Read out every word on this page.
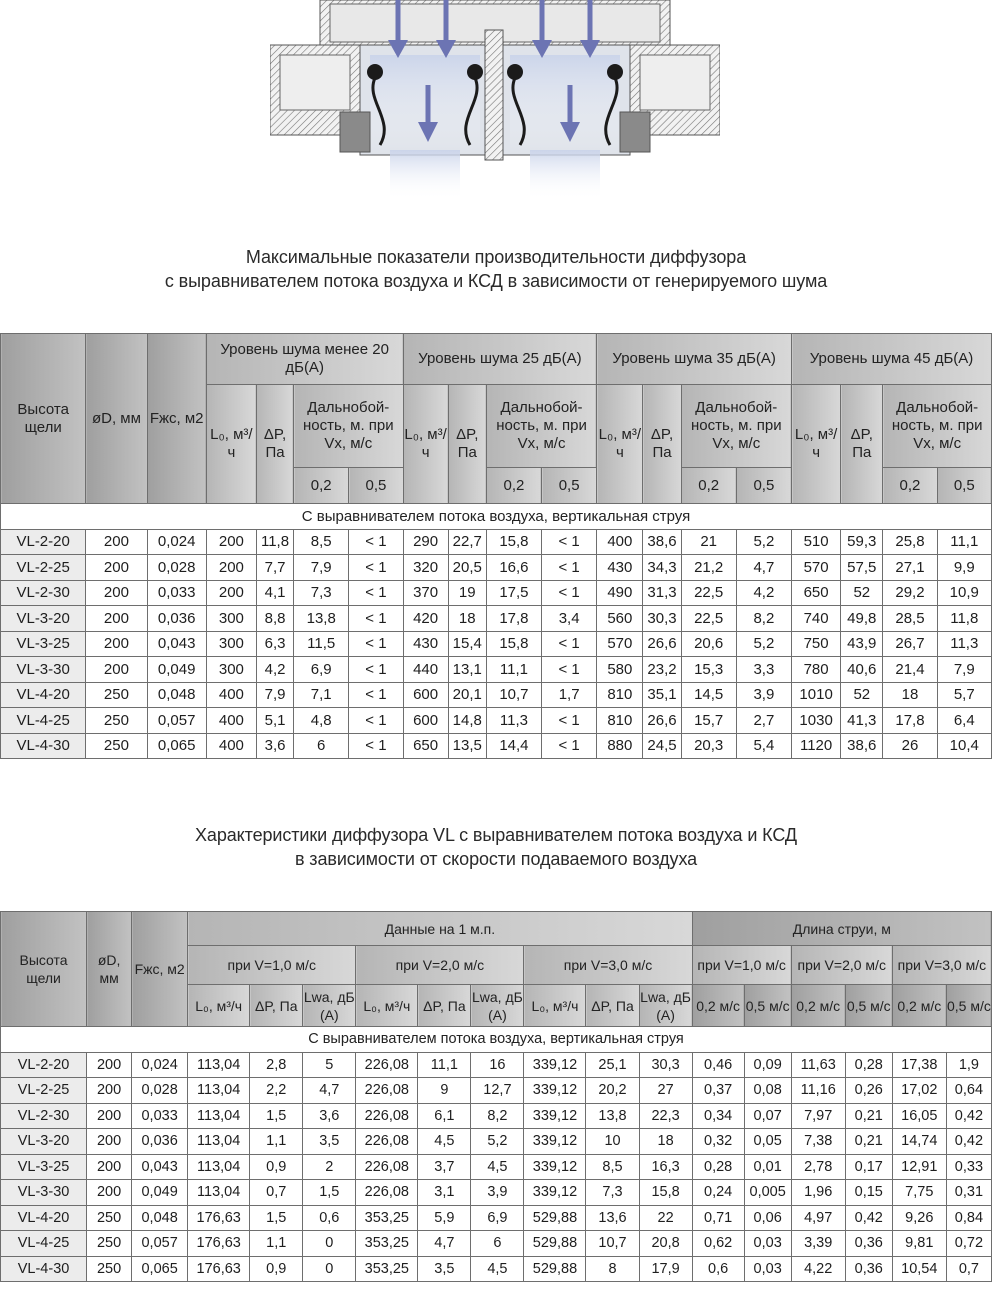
Максимальные показатели производительности диффузора
с выравнивателем потока воздуха и КСД в зависимости от генерируемого шума
Высота щели	øD, мм	Fжс, м2	Уровень шума менее 20 дБ(А)				Уровень шума 25 дБ(А)				Уровень шума 35 дБ(А)				Уровень шума 45 дБ(А)			
			L₀, м³/ч	ΔP, Па	Дальнобой-ность, м. при Vx, м/с		L₀, м³/ч	ΔP, Па	Дальнобой-ность, м. при Vx, м/с		L₀, м³/ч	ΔP, Па	Дальнобой-ность, м. при Vx, м/с		L₀, м³/ч	ΔP, Па	Дальнобой-ность, м. при Vx, м/с	
					0,2	0,5			0,2	0,5			0,2	0,5			0,2	0,5
С выравнивателем потока воздуха, вертикальная струя																		
VL-2-20	200	0,024	200	11,8	8,5	< 1	290	22,7	15,8	< 1	400	38,6	21	5,2	510	59,3	25,8	11,1
VL-2-25	200	0,028	200	7,7	7,9	< 1	320	20,5	16,6	< 1	430	34,3	21,2	4,7	570	57,5	27,1	9,9
VL-2-30	200	0,033	200	4,1	7,3	< 1	370	19	17,5	< 1	490	31,3	22,5	4,2	650	52	29,2	10,9
VL-3-20	200	0,036	300	8,8	13,8	< 1	420	18	17,8	3,4	560	30,3	22,5	8,2	740	49,8	28,5	11,8
VL-3-25	200	0,043	300	6,3	11,5	< 1	430	15,4	15,8	< 1	570	26,6	20,6	5,2	750	43,9	26,7	11,3
VL-3-30	200	0,049	300	4,2	6,9	< 1	440	13,1	11,1	< 1	580	23,2	15,3	3,3	780	40,6	21,4	7,9
VL-4-20	250	0,048	400	7,9	7,1	< 1	600	20,1	10,7	1,7	810	35,1	14,5	3,9	1010	52	18	5,7
VL-4-25	250	0,057	400	5,1	4,8	< 1	600	14,8	11,3	< 1	810	26,6	15,7	2,7	1030	41,3	17,8	6,4
VL-4-30	250	0,065	400	3,6	6	< 1	650	13,5	14,4	< 1	880	24,5	20,3	5,4	1120	38,6	26	10,4
Характеристики диффузора VL с выравнивателем потока воздуха и КСД
в зависимости от скорости подаваемого воздуха
Высота щели	øD, мм	Fжс, м2	Данные на 1 м.п.									Длина струи, м					
			при V=1,0 м/с			при V=2,0 м/с			при V=3,0 м/с			при V=1,0 м/с		при V=2,0 м/с		при V=3,0 м/с	
			L₀, м³/ч	ΔP, Па	Lwa, дБ (А)	L₀, м³/ч	ΔP, Па	Lwa, дБ (А)	L₀, м³/ч	ΔP, Па	Lwa, дБ (А)	0,2 м/с	0,5 м/с	0,2 м/с	0,5 м/с	0,2 м/с	0,5 м/с
С выравнивателем потока воздуха, вертикальная струя																	
VL-2-20	200	0,024	113,04	2,8	5	226,08	11,1	16	339,12	25,1	30,3	0,46	0,09	11,63	0,28	17,38	1,9
VL-2-25	200	0,028	113,04	2,2	4,7	226,08	9	12,7	339,12	20,2	27	0,37	0,08	11,16	0,26	17,02	0,64
VL-2-30	200	0,033	113,04	1,5	3,6	226,08	6,1	8,2	339,12	13,8	22,3	0,34	0,07	7,97	0,21	16,05	0,42
VL-3-20	200	0,036	113,04	1,1	3,5	226,08	4,5	5,2	339,12	10	18	0,32	0,05	7,38	0,21	14,74	0,42
VL-3-25	200	0,043	113,04	0,9	2	226,08	3,7	4,5	339,12	8,5	16,3	0,28	0,01	2,78	0,17	12,91	0,33
VL-3-30	200	0,049	113,04	0,7	1,5	226,08	3,1	3,9	339,12	7,3	15,8	0,24	0,005	1,96	0,15	7,75	0,31
VL-4-20	250	0,048	176,63	1,5	0,6	353,25	5,9	6,9	529,88	13,6	22	0,71	0,06	4,97	0,42	9,26	0,84
VL-4-25	250	0,057	176,63	1,1	0	353,25	4,7	6	529,88	10,7	20,8	0,62	0,03	3,39	0,36	9,81	0,72
VL-4-30	250	0,065	176,63	0,9	0	353,25	3,5	4,5	529,88	8	17,9	0,6	0,03	4,22	0,36	10,54	0,7
